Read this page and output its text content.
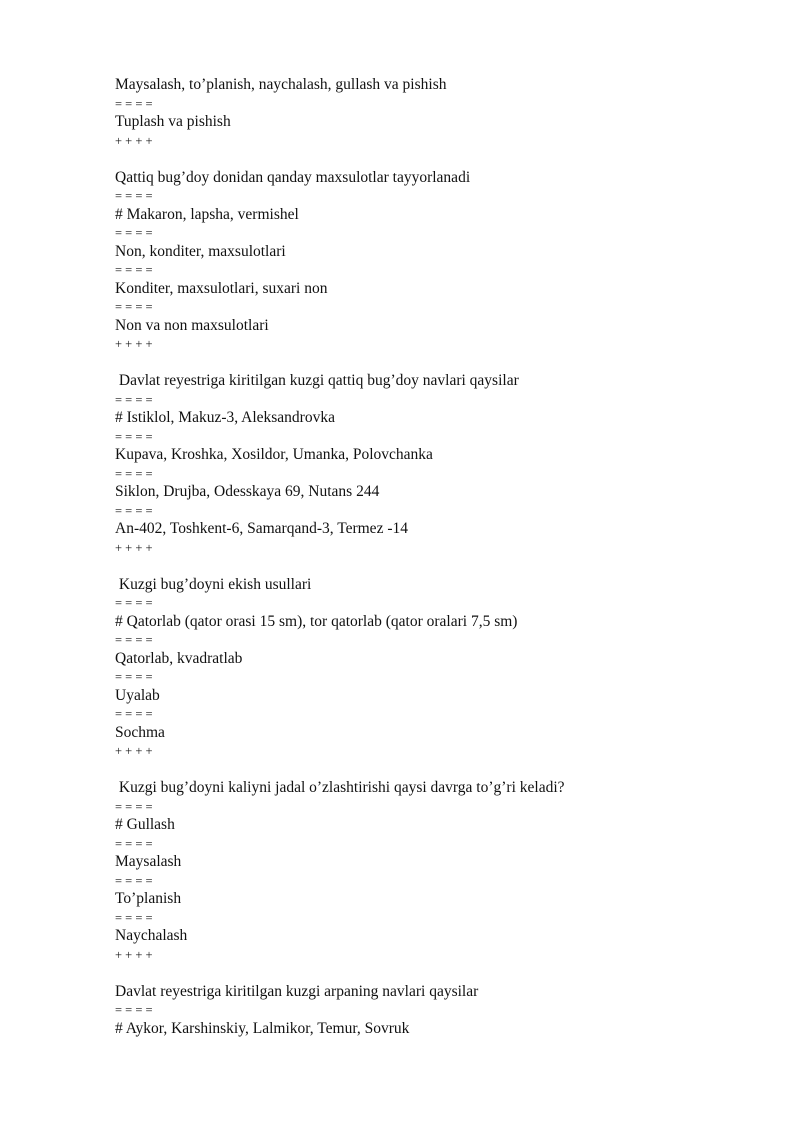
Maysalash, to’planish, naychalash, gullash va pishish
= = = =
Tuplash va pishish
+ + + +
Qattiq bug’doy donidan qanday maxsulotlar tayyorlanadi
= = = =
# Makaron, lapsha, vermishel
= = = =
Non, konditer, maxsulotlari
= = = =
Konditer, maxsulotlari, suxari non
= = = =
Non va non maxsulotlari
+ + + +
Davlat reyestriga kiritilgan kuzgi qattiq bug’doy navlari qaysilar
= = = =
# Istiklol, Makuz-3, Aleksandrovka
= = = =
Kupava, Kroshka, Xosildor, Umanka, Polovchanka
= = = =
Siklon, Drujba, Odesskaya 69, Nutans 244
= = = =
An-402, Toshkent-6, Samarqand-3, Termez -14
+ + + +
Kuzgi bug’doyni ekish usullari
= = = =
# Qatorlab (qator orasi 15 sm), tor qatorlab (qator oralari 7,5 sm)
= = = =
Qatorlab, kvadratlab
= = = =
Uyalab
= = = =
Sochma
+ + + +
Kuzgi bug’doyni kaliyni jadal o’zlashtirishi qaysi davrga to’g’ri keladi?
= = = =
# Gullash
= = = =
Maysalash
= = = =
To’planish
= = = =
Naychalash
+ + + +
Davlat reyestriga kiritilgan kuzgi arpaning navlari qaysilar
= = = =
# Aykor, Karshinskiy, Lalmikor, Temur, Sovruk
